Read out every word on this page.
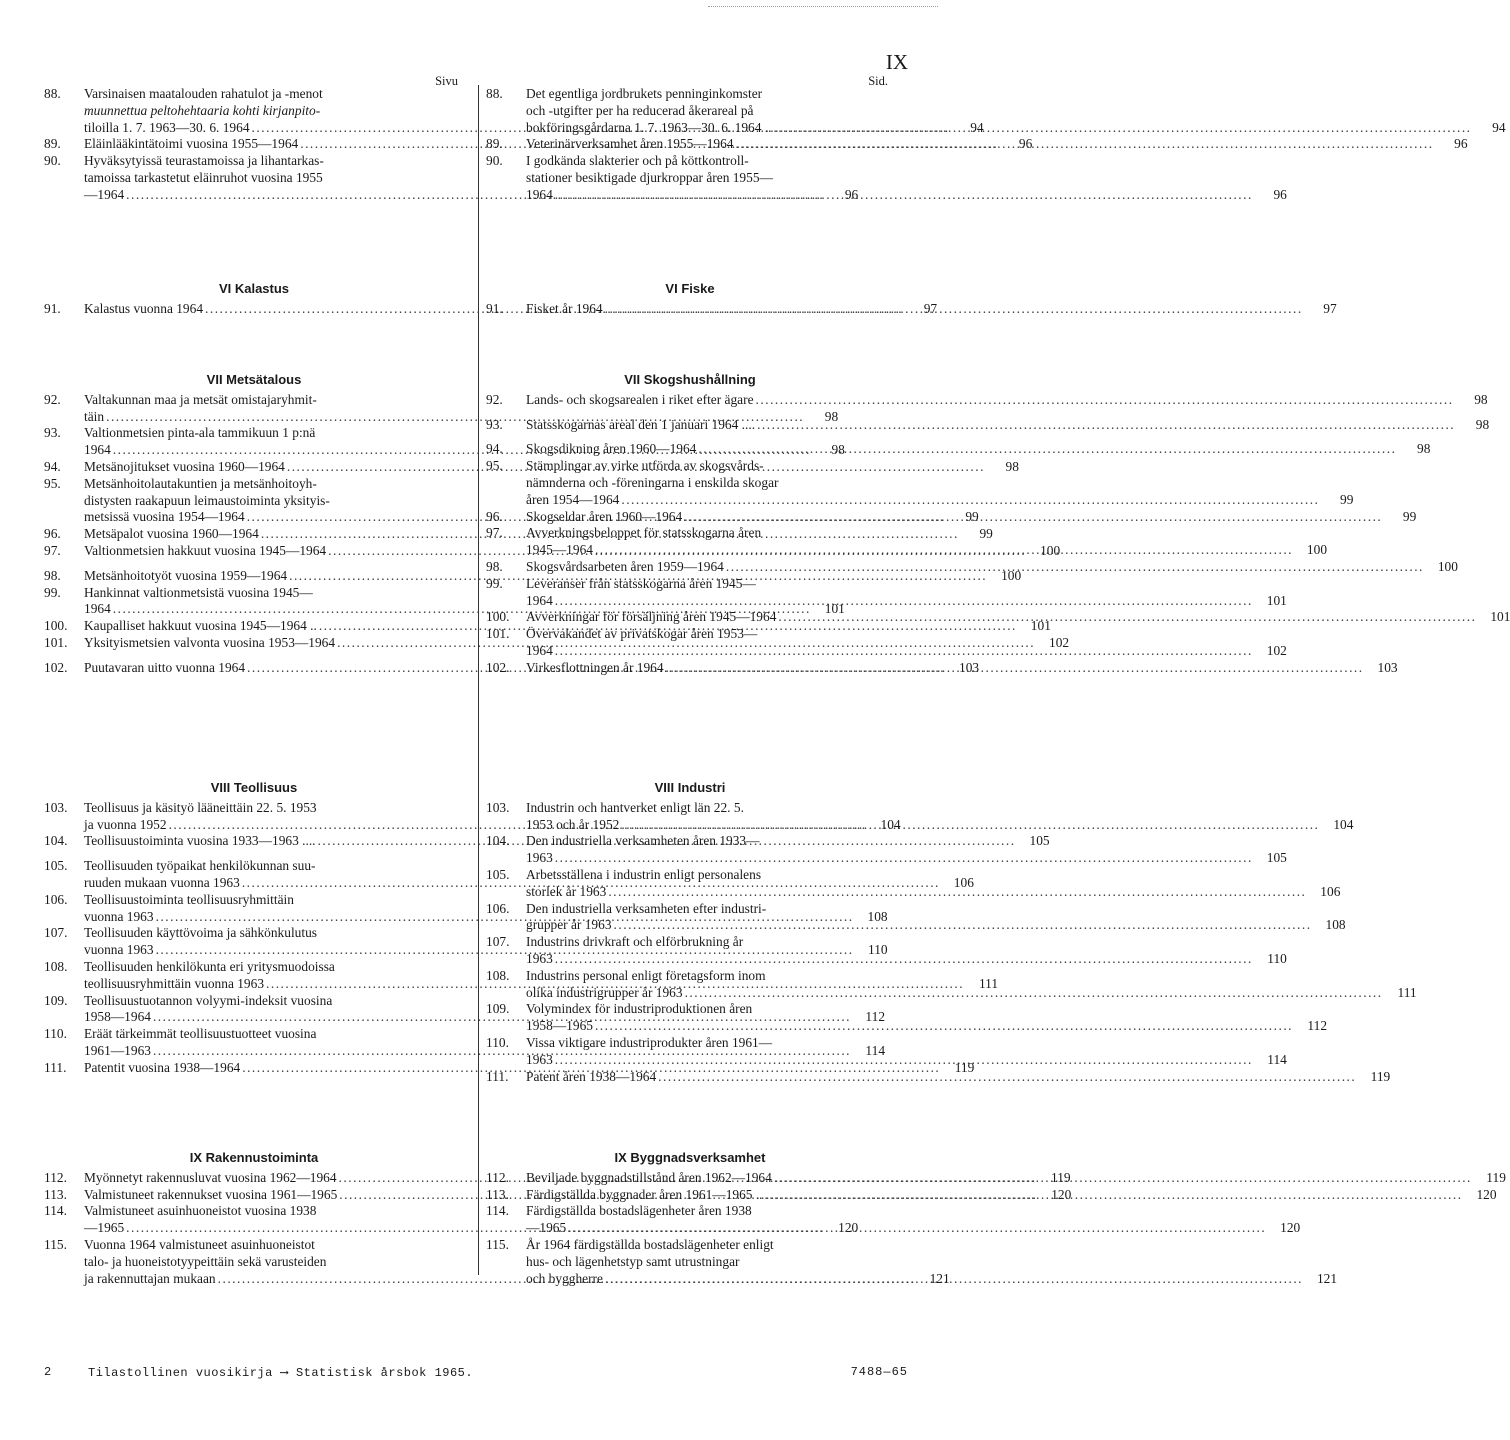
IX
Sivu
88.	Varsinaisen maatalouden rahatulot ja -menot
muunnettua peltohehtaaria kohti kirjanpito-
tiloilla 1. 7. 1963—30. 6. 1964 .....	94
89.	Eläinlääkintätoimi vuosina 1955—1964 .....	96
90.	Hyväksytyissä teurastamoissa ja lihantarkas-
tamoissa tarkastetut eläinruhot vuosina 1955
—1964 .....	96
VI Kalastus
91.	Kalastus vuonna 1964 .....	97
VII Metsätalous
92.	Valtakunnan maa ja metsät omistajaryhmit-
täin .....	98
93.	Valtionmetsien pinta-ala tammikuun 1 p:nä
1964 .....	98
94.	Metsänojitukset vuosina 1960—1964 .....	98
95.	Metsänhoitolautakuntien ja metsänhoitoyh-
distysten raakapuun leimaustoiminta yksityis-
metsissä vuosina 1954—1964 .....	99
96.	Metsäpalot vuosina 1960—1964 .....	99
97.	Valtionmetsien hakkuut vuosina 1945—1964 .....	100
98.	Metsänhoitotyöt vuosina 1959—1964 .....	100
99.	Hankinnat valtionmetsistä vuosina 1945—
1964 .....	101
100.	Kaupalliset hakkuut vuosina 1945—1964 .. .....	101
101.	Yksityismetsien valvonta vuosina 1953—1964 .....	102
102.	Puutavaran uitto vuonna 1964 .....	103
VIII Teollisuus
103.	Teollisuus ja käsityö lääneittäin 22. 5. 1953
ja vuonna 1952 .....	104
104.	Teollisuustoiminta vuosina 1933—1963 .... .....	105
105.	Teollisuuden työpaikat henkilökunnan suu-
ruuden mukaan vuonna 1963 .....	106
106.	Teollisuustoiminta teollisuusryhmittäin
vuonna 1963 .....	108
107.	Teollisuuden käyttövoima ja sähkönkulutus
vuonna 1963 .....	110
108.	Teollisuuden henkilökunta eri yritysmuodoissa
teollisuusryhmittäin vuonna 1963 .....	111
109.	Teollisuustuotannon volyymi-indeksit vuosina
1958—1964 .....	112
110.	Eräät tärkeimmät teollisuustuotteet vuosina
1961—1963 .....	114
111.	Patentit vuosina 1938—1964 .....	119
IX Rakennustoiminta
112.	Myönnetyt rakennusluvat vuosina 1962—1964 .....	119
113.	Valmistuneet rakennukset vuosina 1961—1965 .....	120
114.	Valmistuneet asuinhuoneistot vuosina 1938
—1965 .....	120
115.	Vuonna 1964 valmistuneet asuinhuoneistot
talo- ja huoneistotyypeittäin sekä varusteiden
ja rakennuttajan mukaan .....	121
Sid.
88.	Det egentliga jordbrukets penninginkomster
och -utgifter per ha reducerad åkerareal på
bokföringsgårdarna 1. 7. 1963—30. 6. 1964 .. .....	94
89.	Veterinärverksamhet åren 1955—1964 .....	96
90.	I godkända slakterier och på köttkontroll-
stationer besiktigade djurkroppar åren 1955—
1964 .....	96
VI Fiske
91.	Fisket år 1964 .....	97
VII Skogshushållning
92.	Lands- och skogsarealen i riket efter ägare .....	98
93.	Statsskogarnas areal den 1 januari 1964 .... .....	98
94.	Skogsdikning åren 1960—1964 .....	98
95.	Stämplingar av virke utförda av skogsvårds-
nämnderna och -föreningarna i enskilda skogar
åren 1954—1964 .....	99
96.	Skogseldar åren 1960—1964 .....	99
97.	Avverkningsbeloppet för statsskogarna åren
1945—1964 .....	100
98.	Skogsvårdsarbeten åren 1959—1964 .....	100
99.	Leveranser från statsskogarna åren 1945—
1964 .....	101
100.	Avverkningar för försäljning åren 1945—1964 .....	101
101.	Övervakandet av privatskogar åren 1953—
1964 .....	102
102.	Virkesflottningen år 1964 .....	103
VIII Industri
103.	Industrin och hantverket enligt län 22. 5.
1953 och år 1952 .....	104
104.	Den industriella verksamheten åren 1933—
1963 .....	105
105.	Arbetsställena i industrin enligt personalens
storlek år 1963 .....	106
106.	Den industriella verksamheten efter industri-
grupper år 1963 .....	108
107.	Industrins drivkraft och elförbrukning år
1963 .....	110
108.	Industrins personal enligt företagsform inom
olika industrigrupper år 1963 .....	111
109.	Volymindex för industriproduktionen åren
1958—1965 .....	112
110.	Vissa viktigare industriprodukter åren 1961—
1963 .....	114
111.	Patent åren 1938—1964 .....	119
IX Byggnadsverksamhet
112.	Beviljade byggnadstillstånd åren 1962—1964 .....	119
113.	Färdigställda byggnader åren 1961—1965 .. .....	120
114.	Färdigställda bostadslägenheter åren 1938
—1965 .....	120
115.	År 1964 färdigställda bostadslägenheter enligt
hus- och lägenhetstyp samt utrustningar
och byggherre .....	121
2	Tilastollinen vuosikirja ⟶ Statistisk årsbok 1965.	7488—65
